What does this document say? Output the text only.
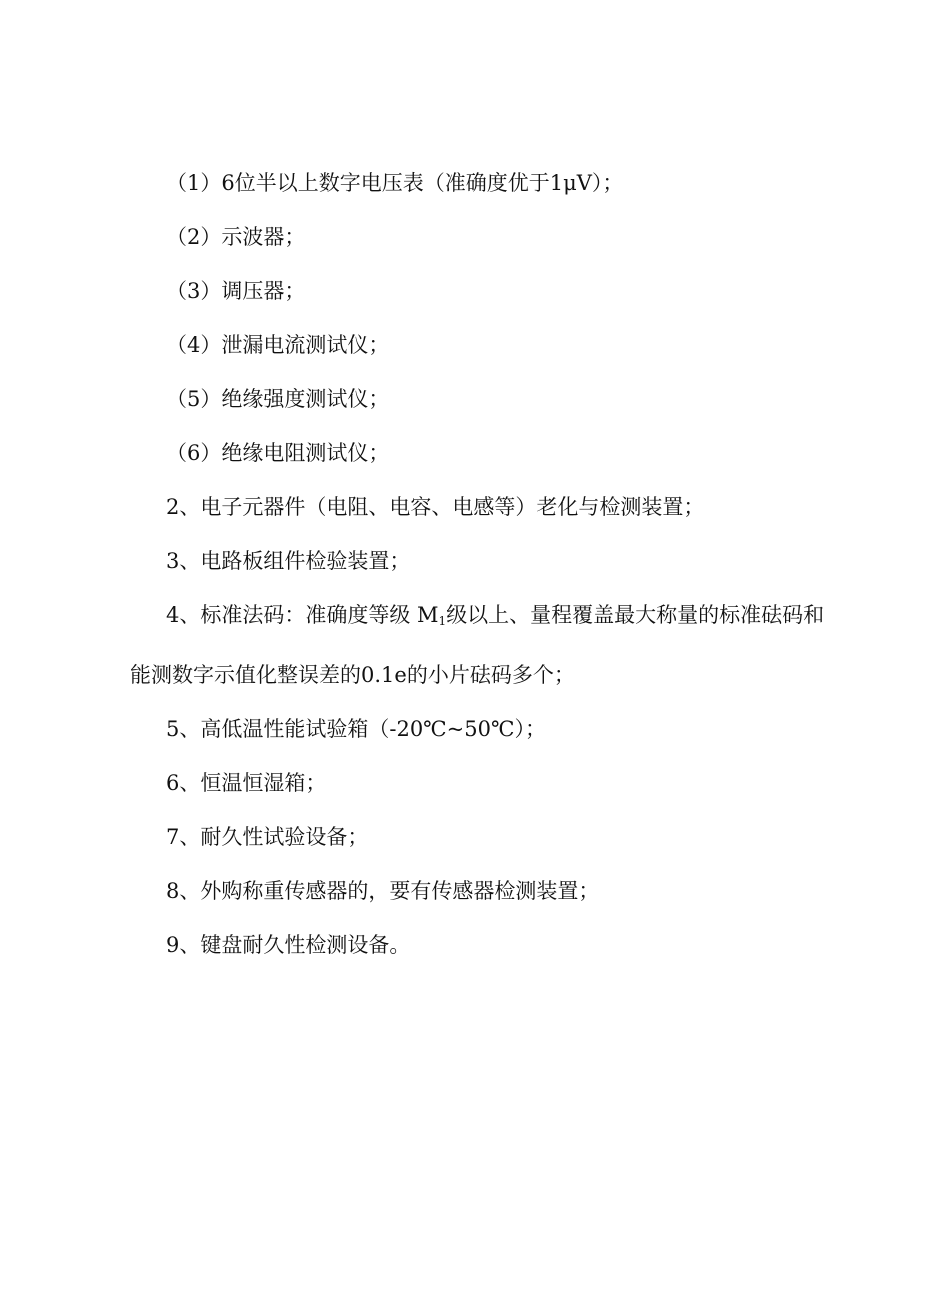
（1）6位半以上数字电压表（准确度优于1μV）；
（2）示波器；
（3）调压器；
（4）泄漏电流测试仪；
（5）绝缘强度测试仪；
（6）绝缘电阻测试仪；
2、电子元器件（电阻、电容、电感等）老化与检测装置；
3、电路板组件检验装置；
4、标准法码：准确度等级 $M_1$级以上、量程覆盖最大称量的标准砝码和能测数字示值化整误差的0.1e的小片砝码多个；
5、高低温性能试验箱（-20℃~50℃）；
6、恒温恒湿箱；
7、耐久性试验设备；
8、外购称重传感器的，要有传感器检测装置；
9、键盘耐久性检测设备。
